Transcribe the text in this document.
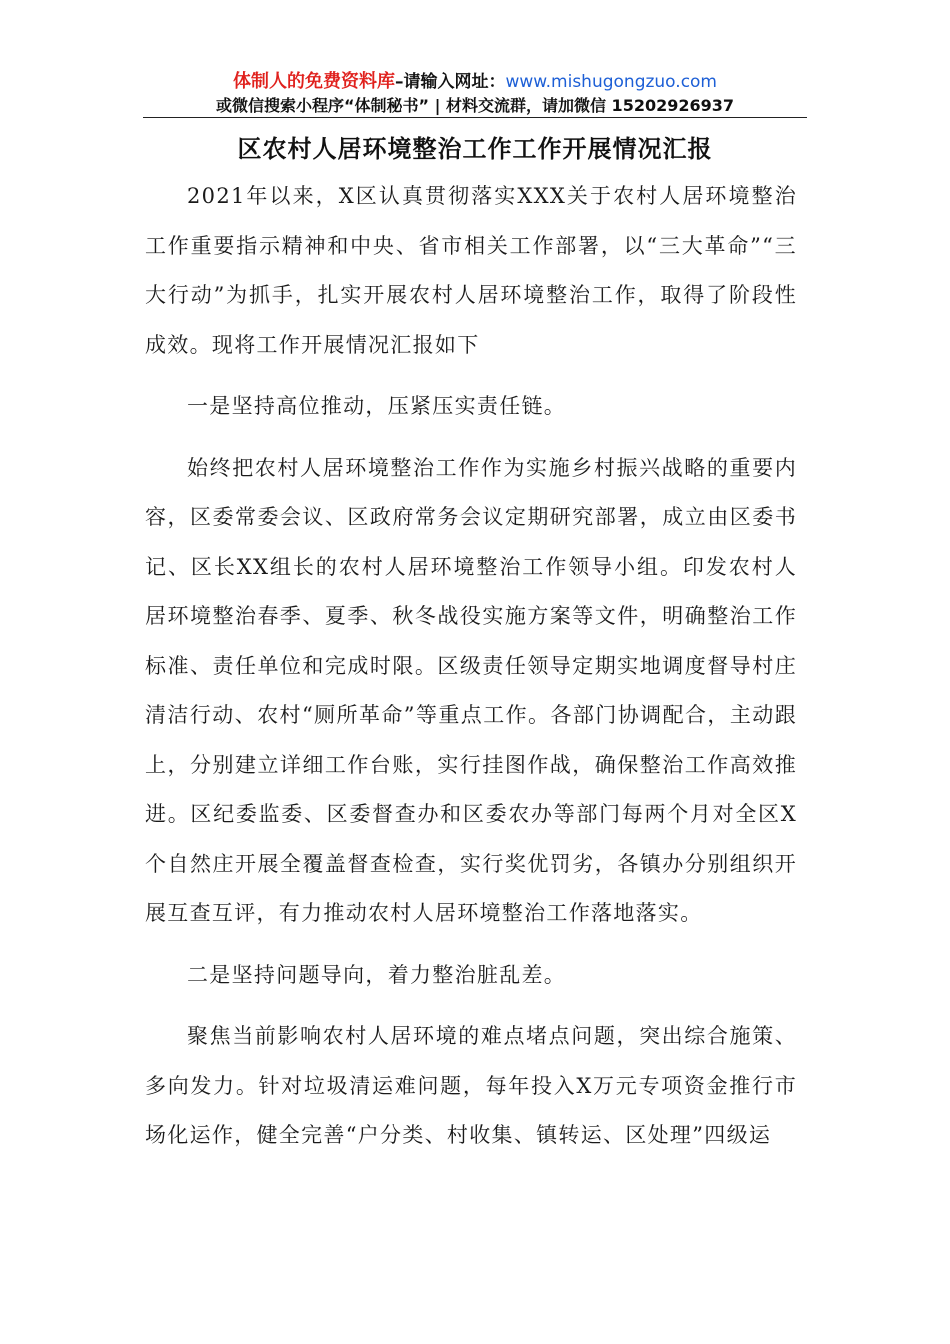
体制人的免费资料库–请输入网址：www.mishugongzuo.com
或微信搜索小程序“体制秘书” | 材料交流群，请加微信 15202926937
区农村人居环境整治工作工作开展情况汇报

2021年以来，X区认真贯彻落实XXX关于农村人居环境整治工作重要指示精神和中央、省市相关工作部署，以“三大革命”“三大行动”为抓手，扎实开展农村人居环境整治工作，取得了阶段性成效。现将工作开展情况汇报如下

一是坚持高位推动，压紧压实责任链。

始终把农村人居环境整治工作作为实施乡村振兴战略的重要内容，区委常委会议、区政府常务会议定期研究部署，成立由区委书记、区长XX组长的农村人居环境整治工作领导小组。印发农村人居环境整治春季、夏季、秋冬战役实施方案等文件，明确整治工作标准、责任单位和完成时限。区级责任领导定期实地调度督导村庄清洁行动、农村“厕所革命”等重点工作。各部门协调配合，主动跟上，分别建立详细工作台账，实行挂图作战，确保整治工作高效推进。区纪委监委、区委督查办和区委农办等部门每两个月对全区X个自然庄开展全覆盖督查检查，实行奖优罚劣，各镇办分别组织开展互查互评，有力推动农村人居环境整治工作落地落实。

二是坚持问题导向，着力整治脏乱差。

聚焦当前影响农村人居环境的难点堵点问题，突出综合施策、多向发力。针对垃圾清运难问题，每年投入X万元专项资金推行市场化运作，健全完善“户分类、村收集、镇转运、区处理”四级运
